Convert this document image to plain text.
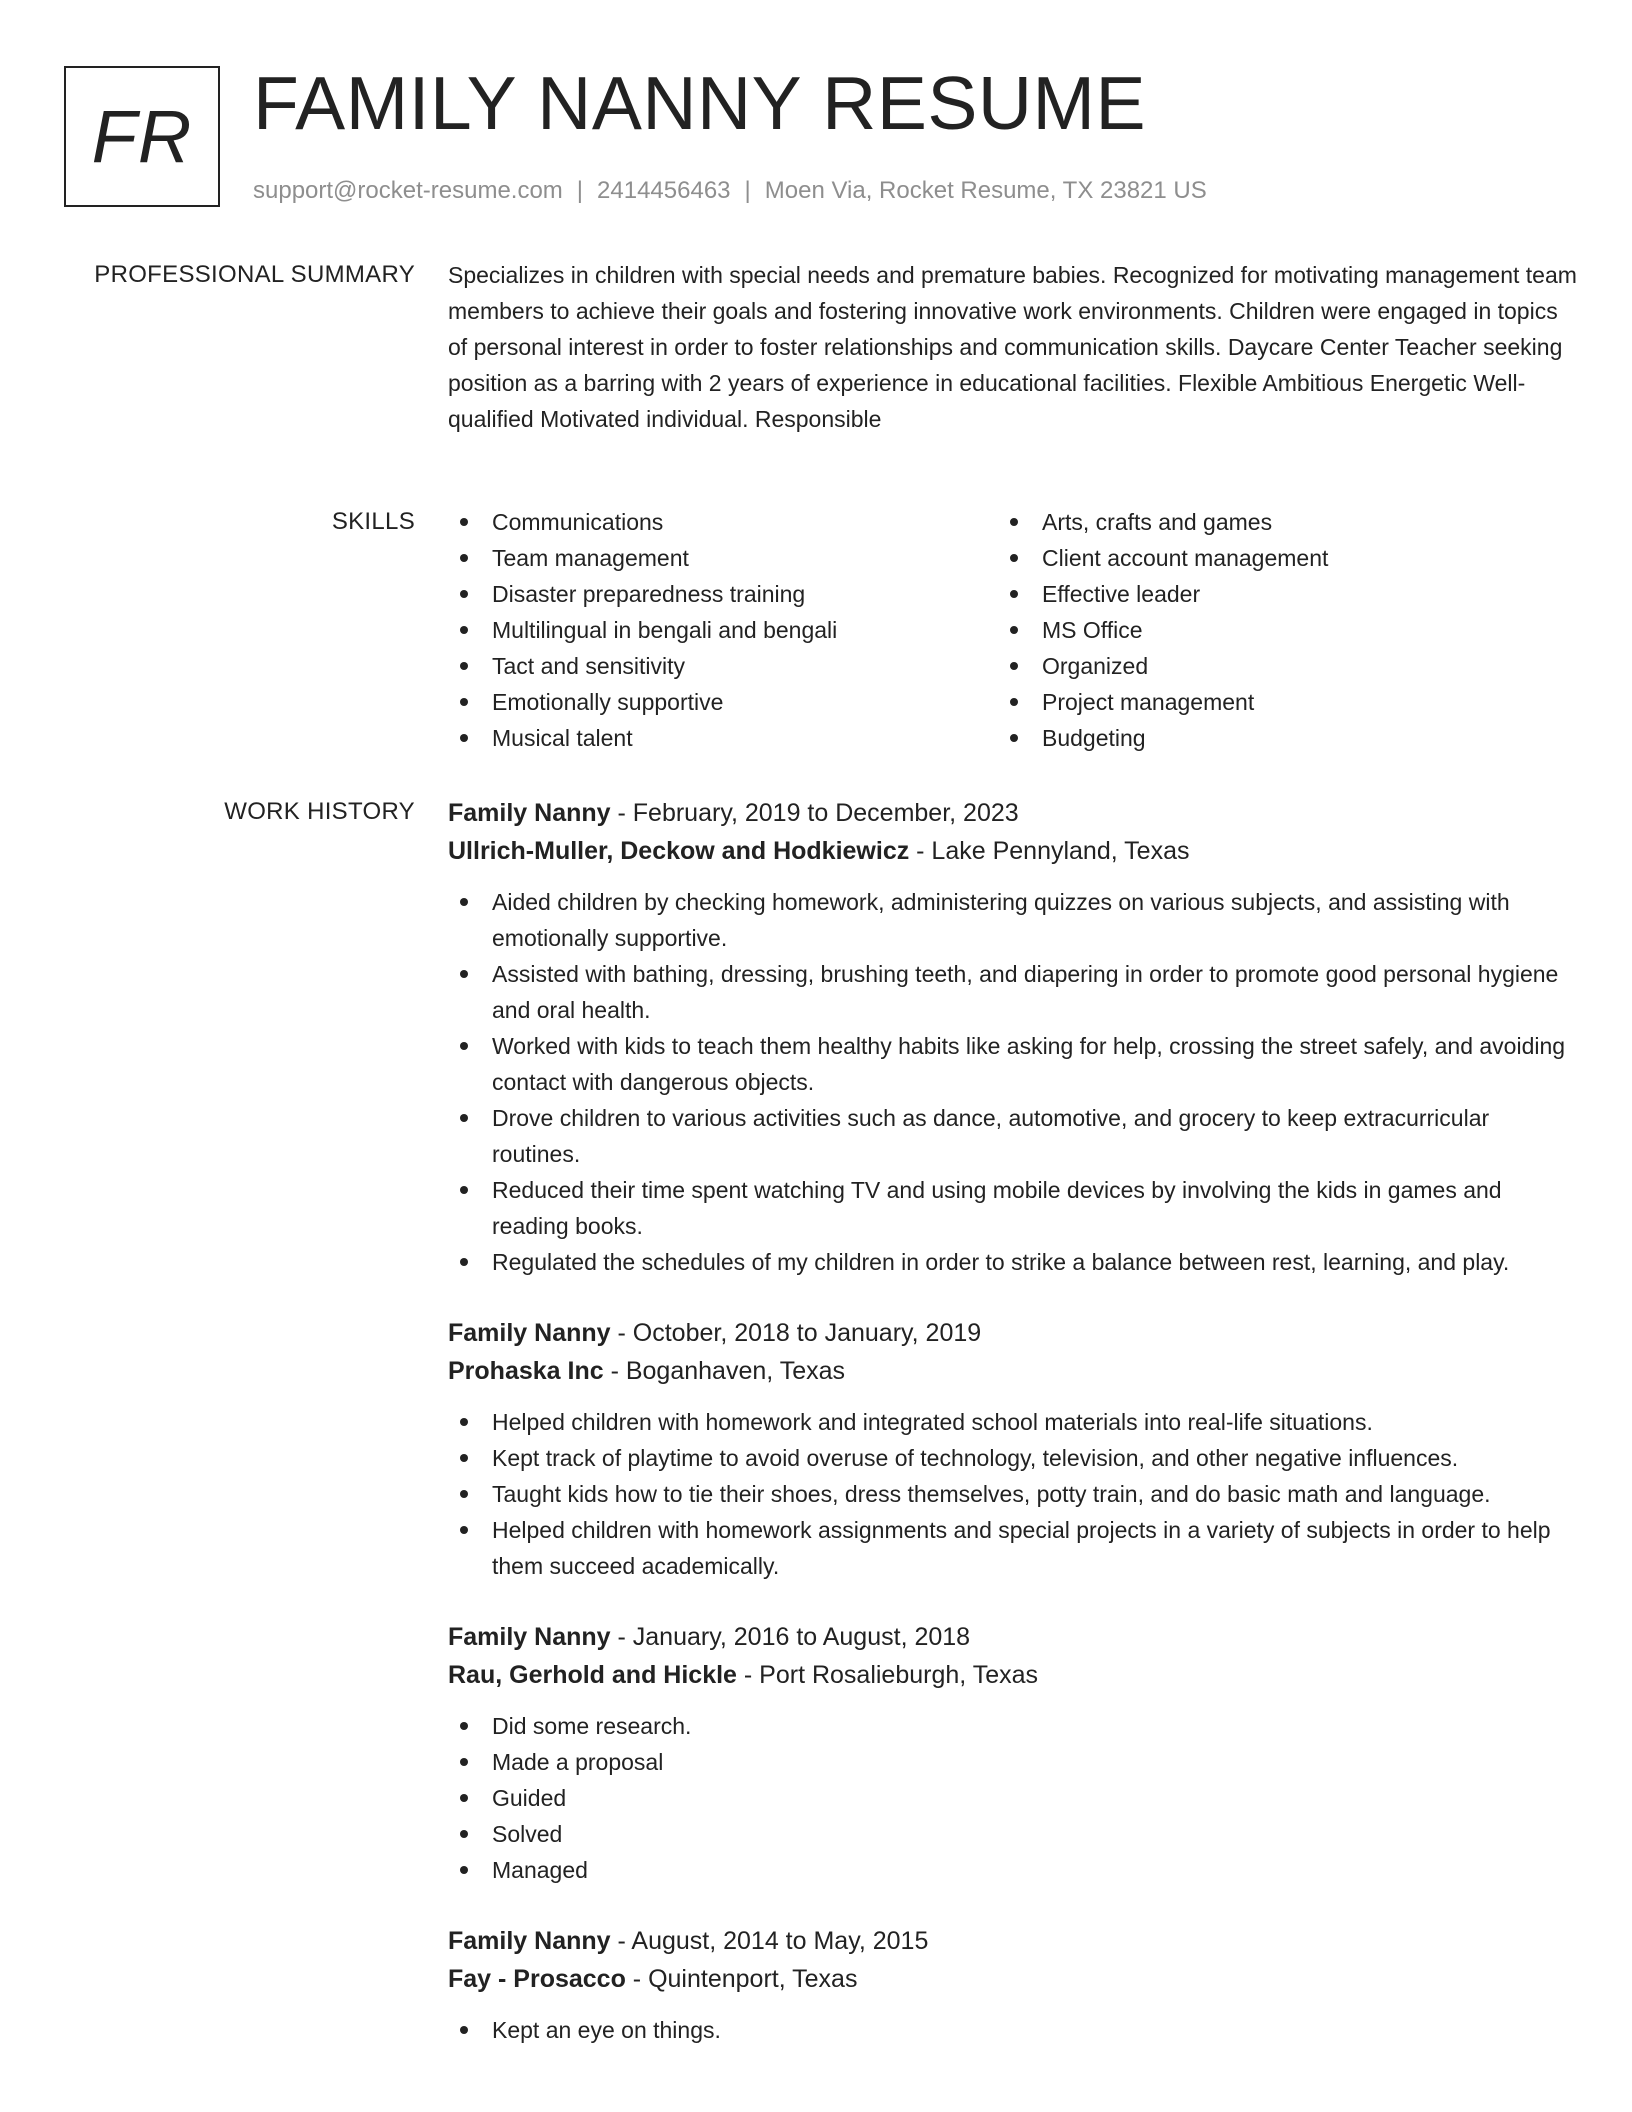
FR FAMILY NANNY RESUME
support@rocket-resume.com | 2414456463 | Moen Via, Rocket Resume, TX 23821 US
PROFESSIONAL SUMMARY Specializes in children with special needs and premature babies. Recognized for motivating management team members to achieve their goals and fostering innovative work environments. Children were engaged in topics of personal interest in order to foster relationships and communication skills. Daycare Center Teacher seeking position as a barring with 2 years of experience in educational facilities. Flexible Ambitious Energetic Well-qualified Motivated individual. Responsible

SKILLS	Communications
Team management
Disaster preparedness training
Multilingual in bengali and bengali
Tact and sensitivity
Emotionally supportive
Musical talent
Arts, crafts and games
Client account management
Effective leader
MS Office
Organized
Project management
Budgeting
WORK HISTORY Family Nanny - February, 2019 to December, 2023
Ullrich-Muller, Deckow and Hodkiewicz - Lake Pennyland, Texas
Aided children by checking homework, administering quizzes on various subjects, and assisting with emotionally supportive.
Assisted with bathing, dressing, brushing teeth, and diapering in order to promote good personal hygiene and oral health.
Worked with kids to teach them healthy habits like asking for help, crossing the street safely, and avoiding contact with dangerous objects.
Drove children to various activities such as dance, automotive, and grocery to keep extracurricular routines.
Reduced their time spent watching TV and using mobile devices by involving the kids in games and reading books.
Regulated the schedules of my children in order to strike a balance between rest, learning, and play.
Family Nanny - October, 2018 to January, 2019
Prohaska Inc - Boganhaven, Texas
Helped children with homework and integrated school materials into real-life situations.
Kept track of playtime to avoid overuse of technology, television, and other negative influences.
Taught kids how to tie their shoes, dress themselves, potty train, and do basic math and language.
Helped children with homework assignments and special projects in a variety of subjects in order to help them succeed academically.
Family Nanny - January, 2016 to August, 2018
Rau, Gerhold and Hickle - Port Rosalieburgh, Texas
Did some research.
Made a proposal
Guided
Solved
Managed
Family Nanny - August, 2014 to May, 2015
Fay - Prosacco - Quintenport, Texas
Kept an eye on things.
